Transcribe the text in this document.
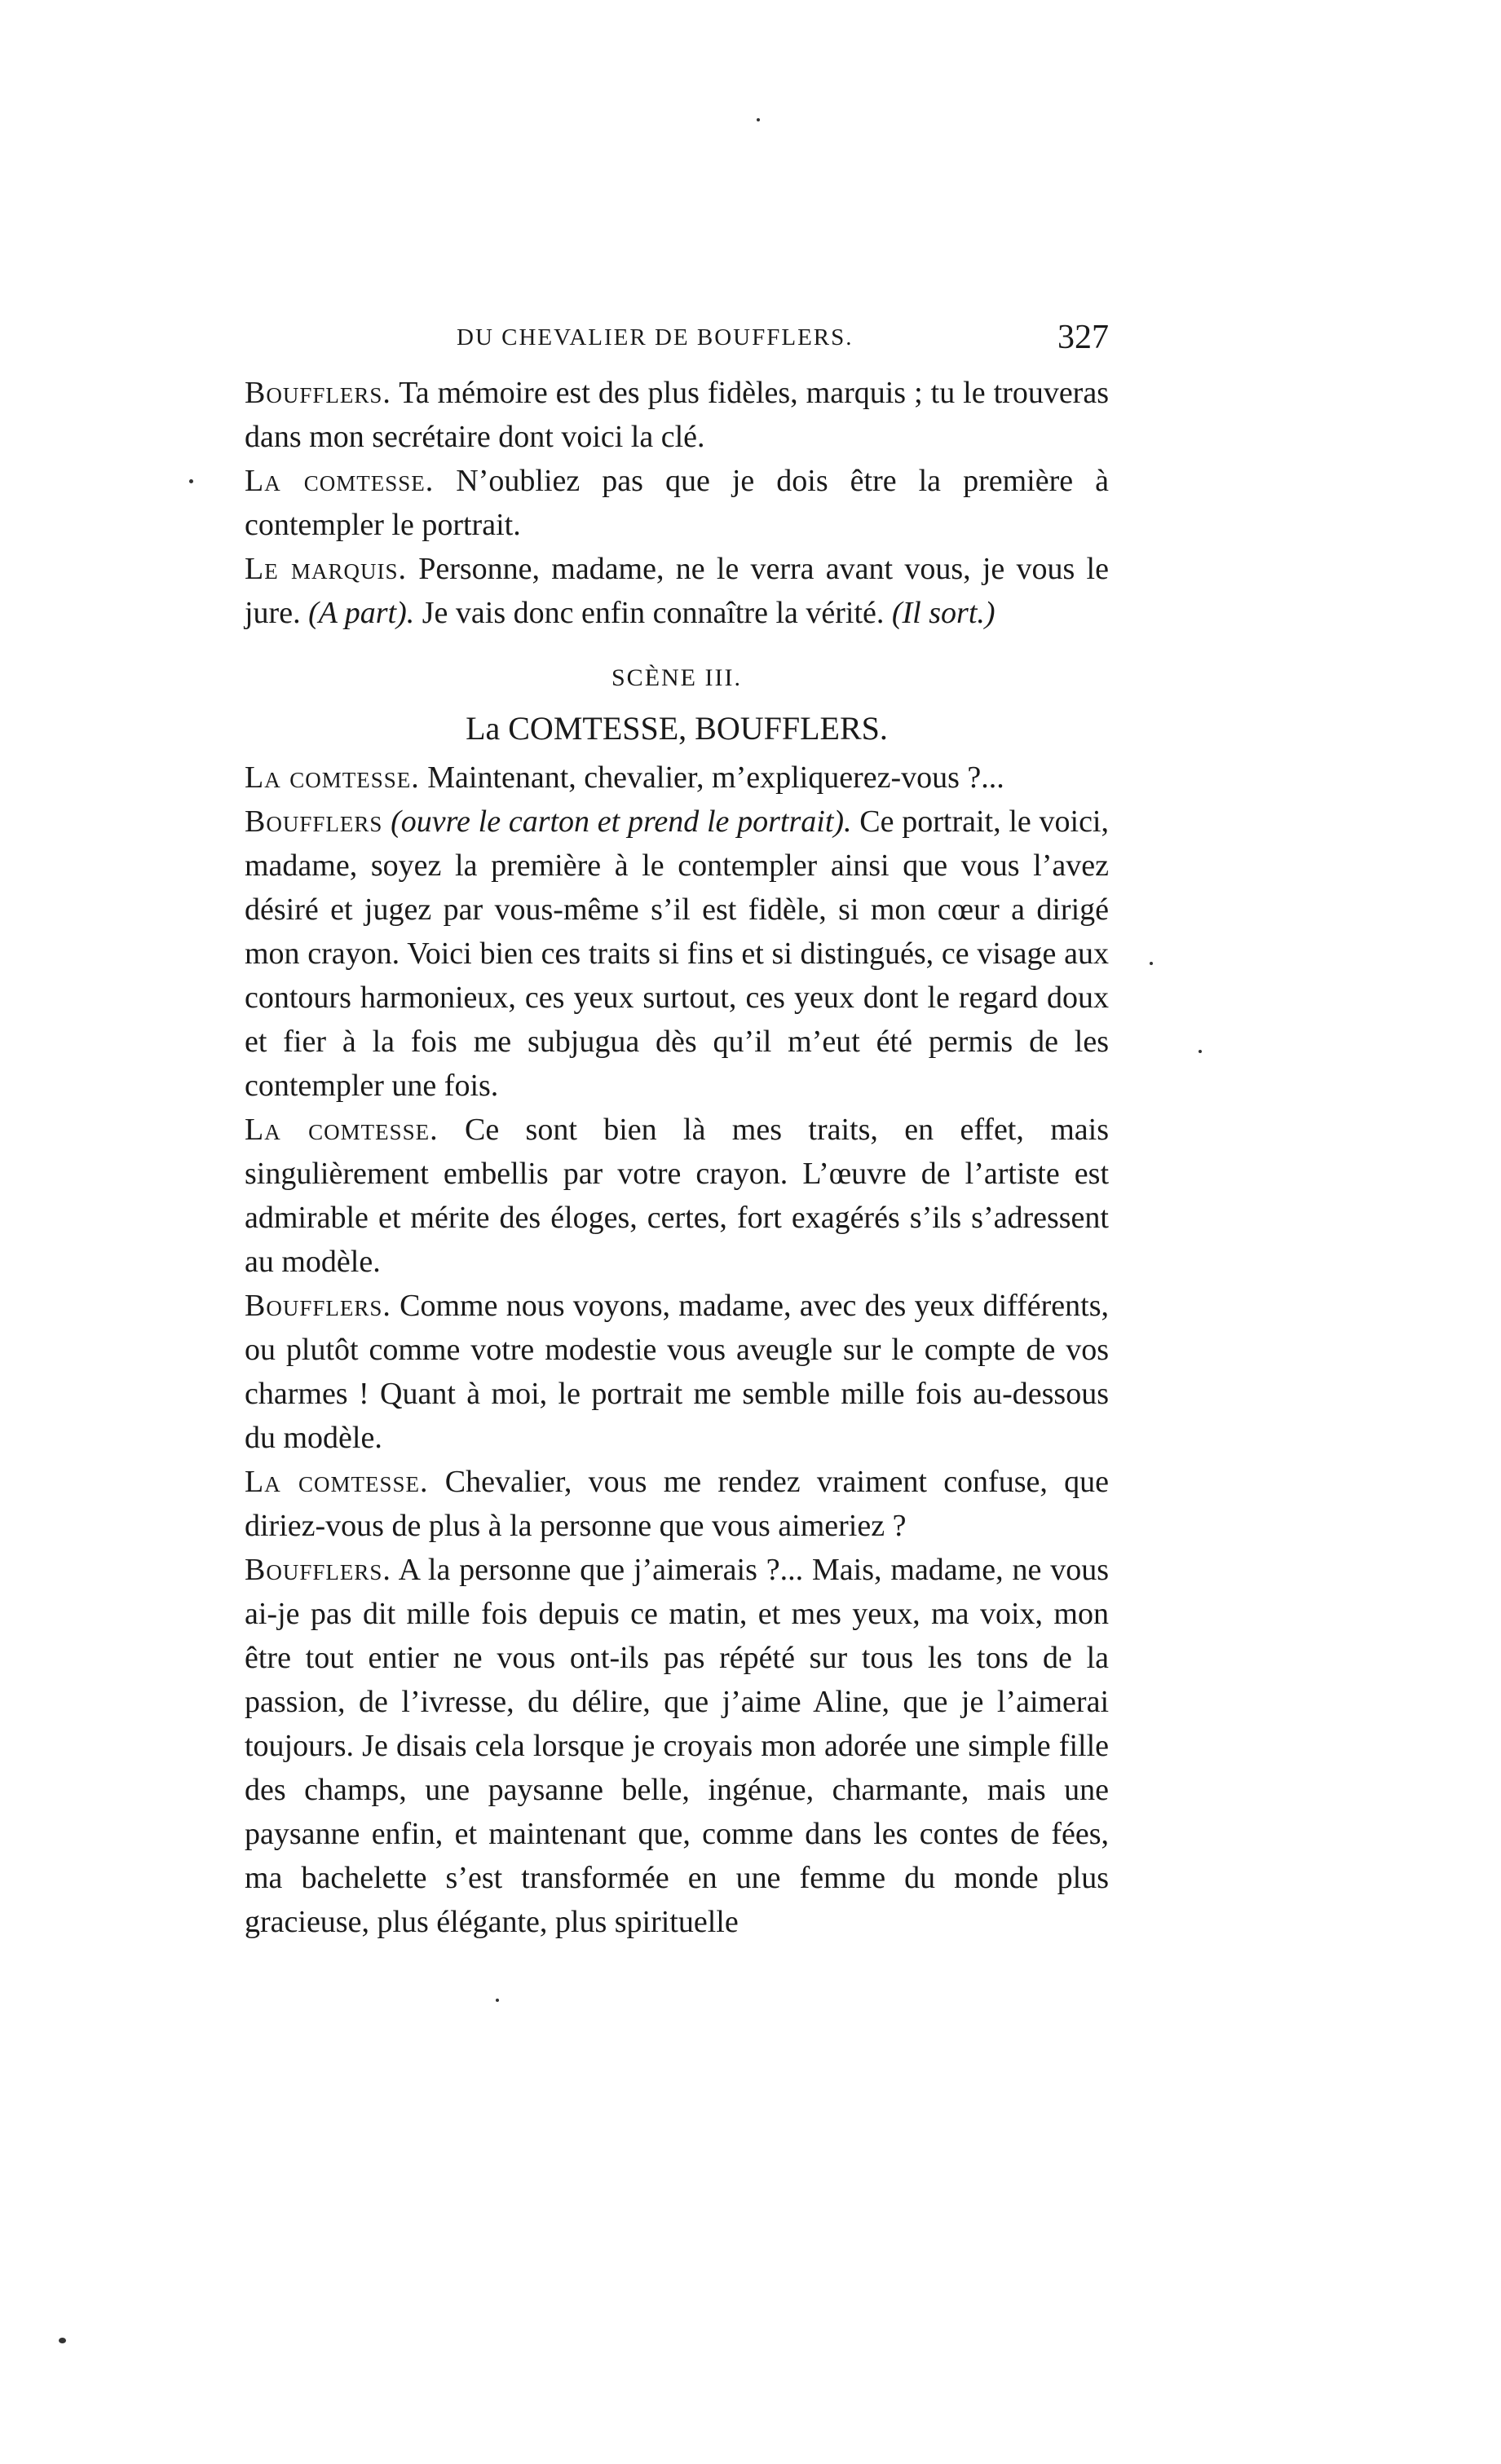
DU CHEVALIER DE BOUFFLERS.	327

Boufflers. Ta mémoire est des plus fidèles, marquis ; tu le trouveras dans mon secrétaire dont voici la clé.

La comtesse. N’oubliez pas que je dois être la première à contempler le portrait.

Le marquis. Personne, madame, ne le verra avant vous, je vous le jure. (A part). Je vais donc enfin connaître la vérité. (Il sort.)

SCÈNE III.
La COMTESSE, BOUFFLERS.

La comtesse. Maintenant, chevalier, m’expliquerez-vous ?...

Boufflers (ouvre le carton et prend le portrait). Ce portrait, le voici, madame, soyez la première à le contempler ainsi que vous l’avez désiré et jugez par vous-même s’il est fidèle, si mon cœur a dirigé mon crayon. Voici bien ces traits si fins et si distingués, ce visage aux contours harmonieux, ces yeux surtout, ces yeux dont le regard doux et fier à la fois me subjugua dès qu’il m’eut été permis de les contempler une fois.

La comtesse. Ce sont bien là mes traits, en effet, mais singulièrement embellis par votre crayon. L’œuvre de l’artiste est admirable et mérite des éloges, certes, fort exagérés s’ils s’adressent au modèle.

Boufflers. Comme nous voyons, madame, avec des yeux différents, ou plutôt comme votre modestie vous aveugle sur le compte de vos charmes ! Quant à moi, le portrait me semble mille fois au-dessous du modèle.

La comtesse. Chevalier, vous me rendez vraiment confuse, que diriez-vous de plus à la personne que vous aimeriez ?

Boufflers. A la personne que j’aimerais ?... Mais, madame, ne vous ai-je pas dit mille fois depuis ce matin, et mes yeux, ma voix, mon être tout entier ne vous ont-ils pas répété sur tous les tons de la passion, de l’ivresse, du délire, que j’aime Aline, que je l’aimerai toujours. Je disais cela lorsque je croyais mon adorée une simple fille des champs, une paysanne belle, ingénue, charmante, mais une paysanne enfin, et maintenant que, comme dans les contes de fées, ma bachelette s’est transformée en une femme du monde plus gracieuse, plus élégante, plus spirituelle
